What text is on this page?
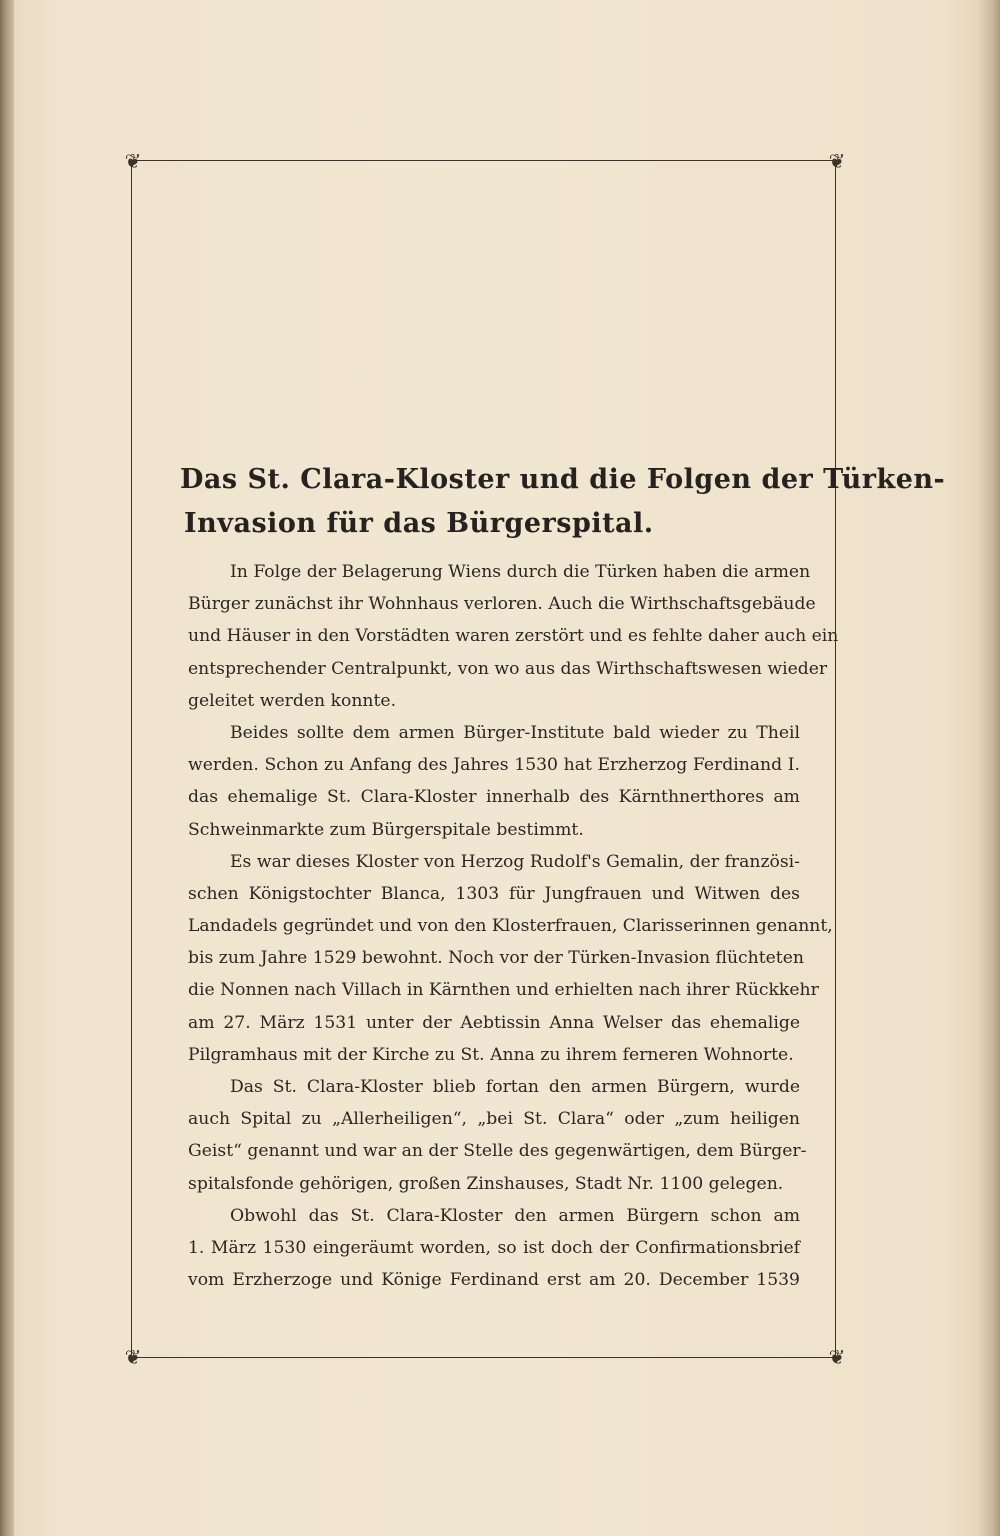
❦	❦
❦	❦
Das St. Clara-Kloster und die Folgen der Türken-
Invasion für das Bürgerspital.
In Folge der Belagerung Wiens durch die Türken haben die armen
Bürger zunächst ihr Wohnhaus verloren. Auch die Wirthschaftsgebäude
und Häuser in den Vorstädten waren zerstört und es fehlte daher auch ein
entsprechender Centralpunkt, von wo aus das Wirthschaftswesen wieder
geleitet werden konnte.
Beides sollte dem armen Bürger-Institute bald wieder zu Theil
werden. Schon zu Anfang des Jahres 1530 hat Erzherzog Ferdinand I.
das ehemalige St. Clara-Kloster innerhalb des Kärnthnerthores am
Schweinmarkte zum Bürgerspitale bestimmt.
Es war dieses Kloster von Herzog Rudolf's Gemalin, der französi-
schen Königstochter Blanca, 1303 für Jungfrauen und Witwen des
Landadels gegründet und von den Klosterfrauen, Clarisserinnen genannt,
bis zum Jahre 1529 bewohnt. Noch vor der Türken-Invasion flüchteten
die Nonnen nach Villach in Kärnthen und erhielten nach ihrer Rückkehr
am 27. März 1531 unter der Aebtissin Anna Welser das ehemalige
Pilgramhaus mit der Kirche zu St. Anna zu ihrem ferneren Wohnorte.
Das St. Clara-Kloster blieb fortan den armen Bürgern, wurde
auch Spital zu „Allerheiligen“, „bei St. Clara“ oder „zum heiligen
Geist“ genannt und war an der Stelle des gegenwärtigen, dem Bürger-
spitalsfonde gehörigen, großen Zinshauses, Stadt Nr. 1100 gelegen.
Obwohl das St. Clara-Kloster den armen Bürgern schon am
1. März 1530 eingeräumt worden, so ist doch der Confirmationsbrief
vom Erzherzoge und Könige Ferdinand erst am 20. December 1539
